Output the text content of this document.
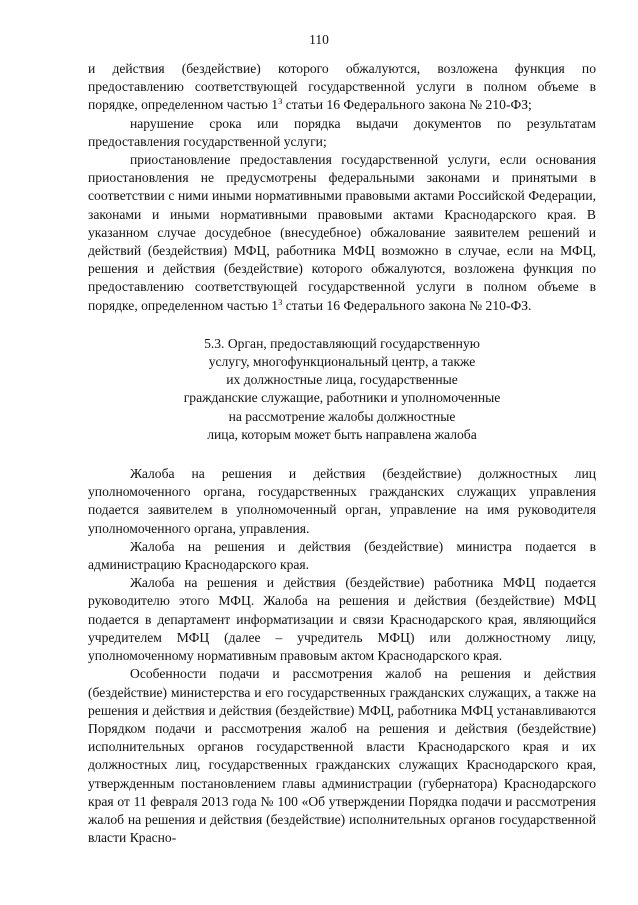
110

и действия (бездействие) которого обжалуются, возложена функция по предоставлению соответствующей государственной услуги в полном объеме в порядке, определенном частью $1^3$ статьи 16 Федерального закона № 210-ФЗ;

нарушение срока или порядка выдачи документов по результатам предоставления государственной услуги;

приостановление предоставления государственной услуги, если основания приостановления не предусмотрены федеральными законами и принятыми в соответствии с ними иными нормативными правовыми актами Российской Федерации, законами и иными нормативными правовыми актами Краснодарского края. В указанном случае досудебное (внесудебное) обжалование заявителем решений и действий (бездействия) МФЦ, работника МФЦ возможно в случае, если на МФЦ, решения и действия (бездействие) которого обжалуются, возложена функция по предоставлению соответствующей государственной услуги в полном объеме в порядке, определенном частью $1^3$ статьи 16 Федерального закона № 210-ФЗ.

5.3. Орган, предоставляющий государственную
услугу, многофункциональный центр, а также
их должностные лица, государственные
гражданские служащие, работники и уполномоченные
на рассмотрение жалобы должностные
лица, которым может быть направлена жалоба

Жалоба на решения и действия (бездействие) должностных лиц уполномоченного органа, государственных гражданских служащих управления подается заявителем в уполномоченный орган, управление на имя руководителя уполномоченного органа, управления.

Жалоба на решения и действия (бездействие) министра подается в администрацию Краснодарского края.

Жалоба на решения и действия (бездействие) работника МФЦ подается руководителю этого МФЦ. Жалоба на решения и действия (бездействие) МФЦ подается в департамент информатизации и связи Краснодарского края, являющийся учредителем МФЦ (далее – учредитель МФЦ) или должностному лицу, уполномоченному нормативным правовым актом Краснодарского края.

Особенности подачи и рассмотрения жалоб на решения и действия (бездействие) министерства и его государственных гражданских служащих, а также на решения и действия и действия (бездействие) МФЦ, работника МФЦ устанавливаются Порядком подачи и рассмотрения жалоб на решения и действия (бездействие) исполнительных органов государственной власти Краснодарского края и их должностных лиц, государственных гражданских служащих Краснодарского края, утвержденным постановлением главы администрации (губернатора) Краснодарского края от 11 февраля 2013 года № 100 «Об утверждении Порядка подачи и рассмотрения жалоб на решения и действия (бездействие) исполнительных органов государственной власти Красно-
